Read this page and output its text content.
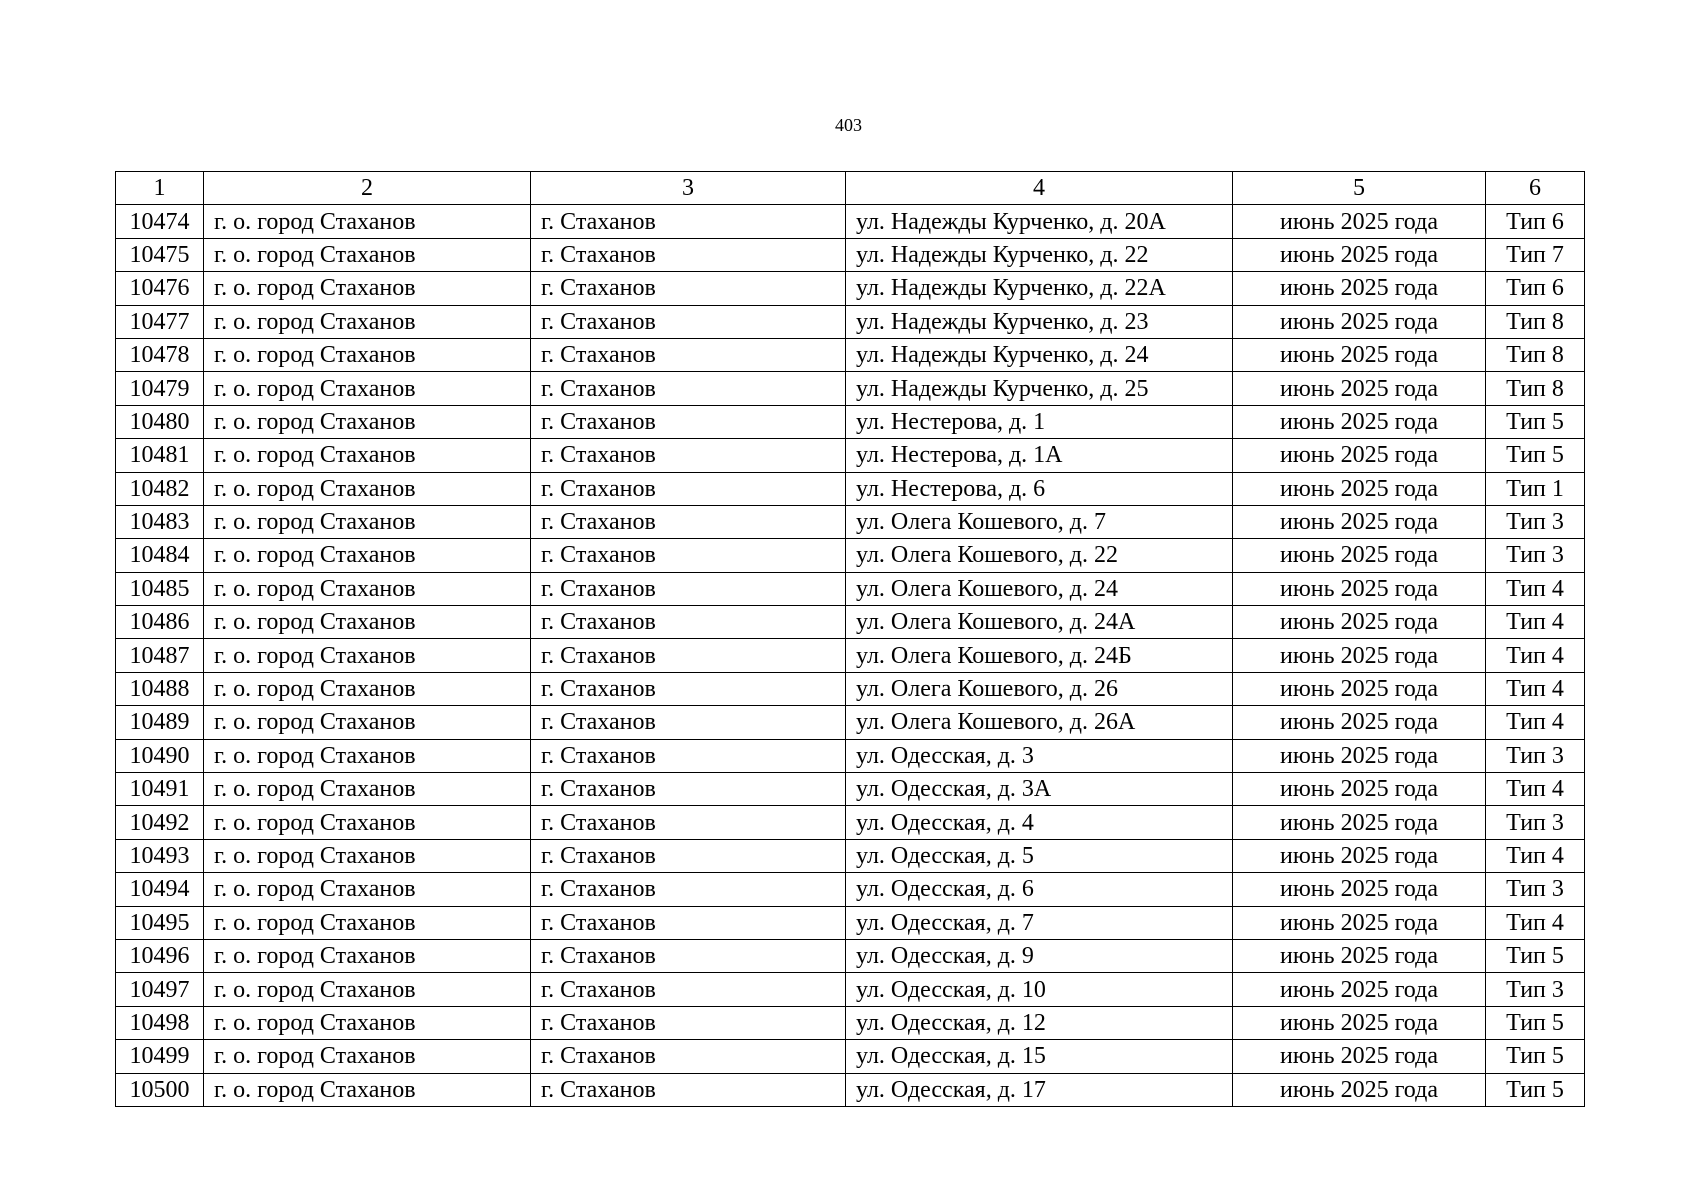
403
1	2	3	4	5	6
10474	г. о. город Стаханов	г. Стаханов	ул. Надежды Курченко, д. 20А	июнь 2025 года	Тип 6
10475	г. о. город Стаханов	г. Стаханов	ул. Надежды Курченко, д. 22	июнь 2025 года	Тип 7
10476	г. о. город Стаханов	г. Стаханов	ул. Надежды Курченко, д. 22А	июнь 2025 года	Тип 6
10477	г. о. город Стаханов	г. Стаханов	ул. Надежды Курченко, д. 23	июнь 2025 года	Тип 8
10478	г. о. город Стаханов	г. Стаханов	ул. Надежды Курченко, д. 24	июнь 2025 года	Тип 8
10479	г. о. город Стаханов	г. Стаханов	ул. Надежды Курченко, д. 25	июнь 2025 года	Тип 8
10480	г. о. город Стаханов	г. Стаханов	ул. Нестерова, д. 1	июнь 2025 года	Тип 5
10481	г. о. город Стаханов	г. Стаханов	ул. Нестерова, д. 1А	июнь 2025 года	Тип 5
10482	г. о. город Стаханов	г. Стаханов	ул. Нестерова, д. 6	июнь 2025 года	Тип 1
10483	г. о. город Стаханов	г. Стаханов	ул. Олега Кошевого, д. 7	июнь 2025 года	Тип 3
10484	г. о. город Стаханов	г. Стаханов	ул. Олега Кошевого, д. 22	июнь 2025 года	Тип 3
10485	г. о. город Стаханов	г. Стаханов	ул. Олега Кошевого, д. 24	июнь 2025 года	Тип 4
10486	г. о. город Стаханов	г. Стаханов	ул. Олега Кошевого, д. 24А	июнь 2025 года	Тип 4
10487	г. о. город Стаханов	г. Стаханов	ул. Олега Кошевого, д. 24Б	июнь 2025 года	Тип 4
10488	г. о. город Стаханов	г. Стаханов	ул. Олега Кошевого, д. 26	июнь 2025 года	Тип 4
10489	г. о. город Стаханов	г. Стаханов	ул. Олега Кошевого, д. 26А	июнь 2025 года	Тип 4
10490	г. о. город Стаханов	г. Стаханов	ул. Одесская, д. 3	июнь 2025 года	Тип 3
10491	г. о. город Стаханов	г. Стаханов	ул. Одесская, д. 3А	июнь 2025 года	Тип 4
10492	г. о. город Стаханов	г. Стаханов	ул. Одесская, д. 4	июнь 2025 года	Тип 3
10493	г. о. город Стаханов	г. Стаханов	ул. Одесская, д. 5	июнь 2025 года	Тип 4
10494	г. о. город Стаханов	г. Стаханов	ул. Одесская, д. 6	июнь 2025 года	Тип 3
10495	г. о. город Стаханов	г. Стаханов	ул. Одесская, д. 7	июнь 2025 года	Тип 4
10496	г. о. город Стаханов	г. Стаханов	ул. Одесская, д. 9	июнь 2025 года	Тип 5
10497	г. о. город Стаханов	г. Стаханов	ул. Одесская, д. 10	июнь 2025 года	Тип 3
10498	г. о. город Стаханов	г. Стаханов	ул. Одесская, д. 12	июнь 2025 года	Тип 5
10499	г. о. город Стаханов	г. Стаханов	ул. Одесская, д. 15	июнь 2025 года	Тип 5
10500	г. о. город Стаханов	г. Стаханов	ул. Одесская, д. 17	июнь 2025 года	Тип 5
